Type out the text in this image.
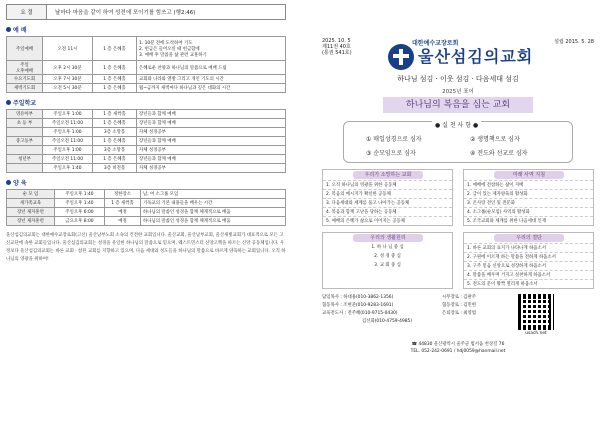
요 절	날마다 마음을 같이 하여 성전에 모이기를 힘쓰고 (행2:46)
예 배
주일예배	오전 11시	1 층 은혜홀	1. 10분 전에 도착하여 기도
2. 헌금은 들어오실 때 헌금함에
3. 예배 후 말씀을 삶 관련 교훈하기
주일
오후예배	오후 2시 30분	1 층 은혜홀	은혜로운 찬양과 하나님의 말씀으로 예배 드림
수요기도회	오후 7시 30분	1 층 은혜홀	교회와 나라와 열방 그리고 개인 기도의 시간
새벽기도회	오전 5시 30분	1 층 은혜홀	월~금까지 새벽마다 하나님과 깊은 대화의 시간
주일학교
영유아부	주일오후 1:00	1 층 새싹홀	장년들과 함께 예배
초 등 부	주일오전 11:00	1 층 은혜홀	장년들과 함께 예배
	주일오후 1:00	3층 소망홀	자체 성경공부
중고등부	주일오전 11:00	1 층 은혜홀	장년들과 함께 예배
	주일오후 1:00	3층 소망홀	자체 성경공부
청년부	주일오전 11:00	1 층 은혜홀	장년들과 함께 예배
	주일오후 1:40	3층 비전홀	자체 성경공부
양 육
순 모 임	주일오후 1:40	정한장소	남, 여 소그룹 모임
새가족교육	주일오후 1:40	1 층 새싹홀	기독교의 기본 내용들을 배우는 시간
장년 제자훈련	주일오후 6:00	예정	하나님의 말씀인 성경을 함께 체계적으로 배움
장년 제자훈련	금요오후 8:00	예정	하나님의 말씀인 성경을 함께 체계적으로 배움
울산섬김의교회는 대한예수교장로회(고신) 울산남부노회 소속의 건전한 교회입니다. 울산교회, 울산남부교회, 울산새빛교회가 대표적으로 모든 고신교단에 속한 교회들입니다. 울산섬김의교회는 성경을 유일한 하나님의 말씀으로 믿으며, 웨스트민스터 신앙고백을 따르는 신앙 공동체입니다. 우정보다 울산섬김의교회는 바른 교회 · 참된 교회를 지향하고 있으며, 다음 세대와 성도들을 하나님의 말씀으로 바르게 양육하는 교회입니다. 오직 하나님의 영광을 위하여!
2025. 10. 5
제11권 40호
(통권 541호)
대한예수교장로회	설립 2015. 5. 28
울산섬김의교회
하나님 섬김 · 이웃 섬김 · 다음세대 섬김
2025년 표어
하나님의 복음을 심는 교회
● 실 천 사 항 ●
① 매일성경으로 심자	② 생명책으로 심자
③ 순모임으로 심자	④ 전도와 선교로 심자
우리가 소망하는 교회
1. 오직 하나님의 영광을 위한 공동체
2. 복음의 메시지가 확실한 공동체
3. 다음세대와 세계를 품고 나아가는 공동체
4. 복음과 함께 고난을 당하는 공동체
5. 예배의 은혜가 삶으로 이어지는 공동체
미래 사역 지침
1. 예배에 전참하는 삶이 지배
2. 급이 있는 제자양육의 활성화
3. 온사랑 전인 및 전문화
4. 소그룹(순모임) 사역의 활성화
5. 조국교회와 세계를 위한 다음세대 인재
우리의 생활원리
1. 하 나 님 중 심
2. 성 경 중 심
3. 교 회 중 심
우리의 결단
1. 바른 교회의 표지가 나타나게 하옵소서
2. 구원에 이르게 하는 말씀을 전하게 하옵소서
3. 구주 믿음 신앙으로 성장하게 하옵소서
4. 말씀을 배우며 거지고 실천하게 하옵소서
5. 전도의 문이 활짝 열리게 하옵소서
담임목사 : 하대용(010-3862-1356)
협동목사 : 조현준(010-9283-1691)
교육전도사 : 전주혜(010-9715-0430)
김선화(010-4759-4985)
시무장로 : 김판주
협동장로 : 김민현
은퇴장로 : 최영범
usach.net
☎ 44830 울산광역시 울주군 범서읍 천상길 76
TEL. 052-242-0691 / hdj0059@hanmail.net
